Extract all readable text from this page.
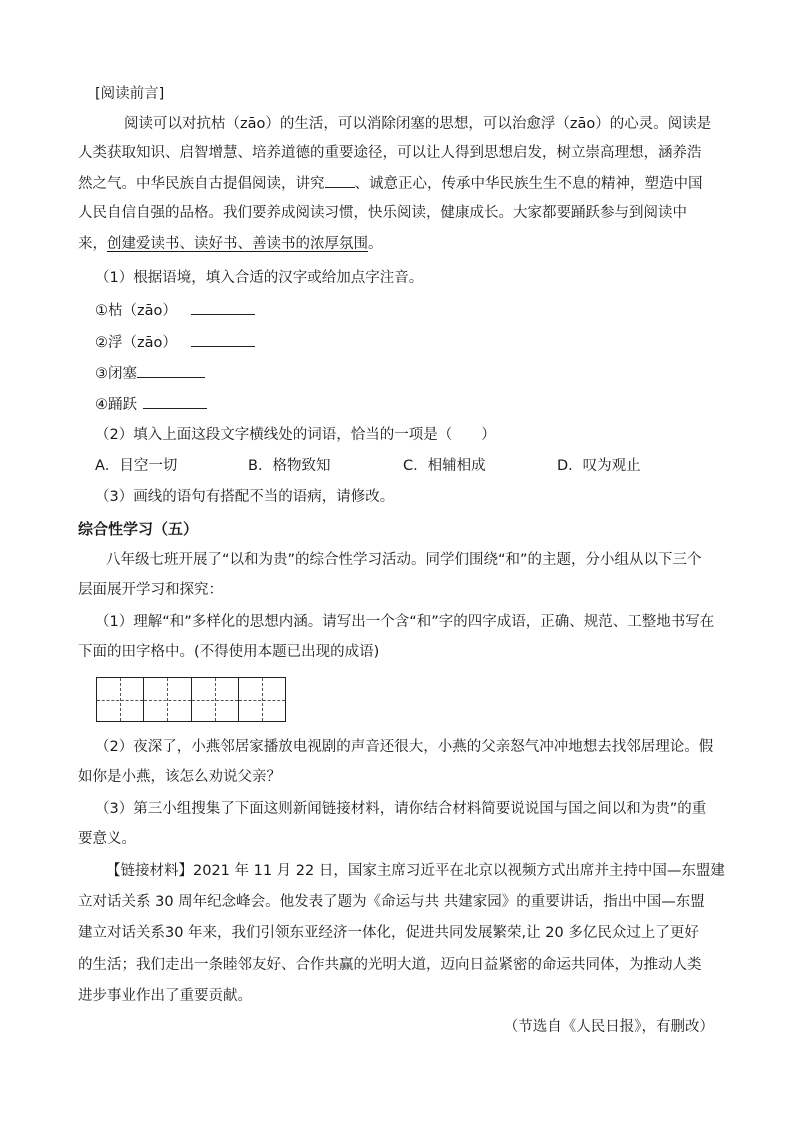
[阅读前言]
阅读可以对抗枯（zāo）的生活，可以消除闭塞的思想，可以治愈浮（zāo）的心灵。阅读是
人类获取知识、启智增慧、培养道德的重要途径，可以让人得到思想启发，树立崇高理想，涵养浩
然之气。中华民族自古提倡阅读，讲究 、诚意正心，传承中华民族生生不息的精神，塑造中国
人民自信自强的品格。我们要养成阅读习惯，快乐阅读，健康成长。大家都要踊跃参与到阅读中
来，创建爱读书、读好书、善读书的浓厚氛围。
（1）根据语境，填入合适的汉字或给加点字注音。
①枯（zāo）
②浮（zāo）
③闭塞
④踊跃
（2）填入上面这段文字横线处的词语，恰当的一项是（　　）
A．目空一切	B．格物致知	C．相辅相成	D．叹为观止
（3）画线的语句有搭配不当的语病，请修改。
综合性学习（五）
八年级七班开展了“以和为贵”的综合性学习活动。同学们围绕“和”的主题，分小组从以下三个
层面展开学习和探究：
（1）理解“和”多样化的思想内涵。请写出一个含“和”字的四字成语，正确、规范、工整地书写在
下面的田字格中。(不得使用本题已出现的成语)
（2）夜深了，小燕邻居家播放电视剧的声音还很大，小燕的父亲怒气冲冲地想去找邻居理论。假
如你是小燕，该怎么劝说父亲？
（3）第三小组搜集了下面这则新闻链接材料，请你结合材料简要说说国与国之间以和为贵”的重
要意义。
【链接材料】2021 年 11 月 22 日，国家主席习近平在北京以视频方式出席并主持中国—东盟建
立对话关系 30 周年纪念峰会。他发表了题为《命运与共 共建家园》的重要讲话，指出中国—东盟
建立对话关系30 年来，我们引领东亚经济一体化，促进共同发展繁荣,让 20 多亿民众过上了更好
的生活；我们走出一条睦邻友好、合作共赢的光明大道，迈向日益紧密的命运共同体，为推动人类
进步事业作出了重要贡献。
（节选自《人民日报》，有删改）
